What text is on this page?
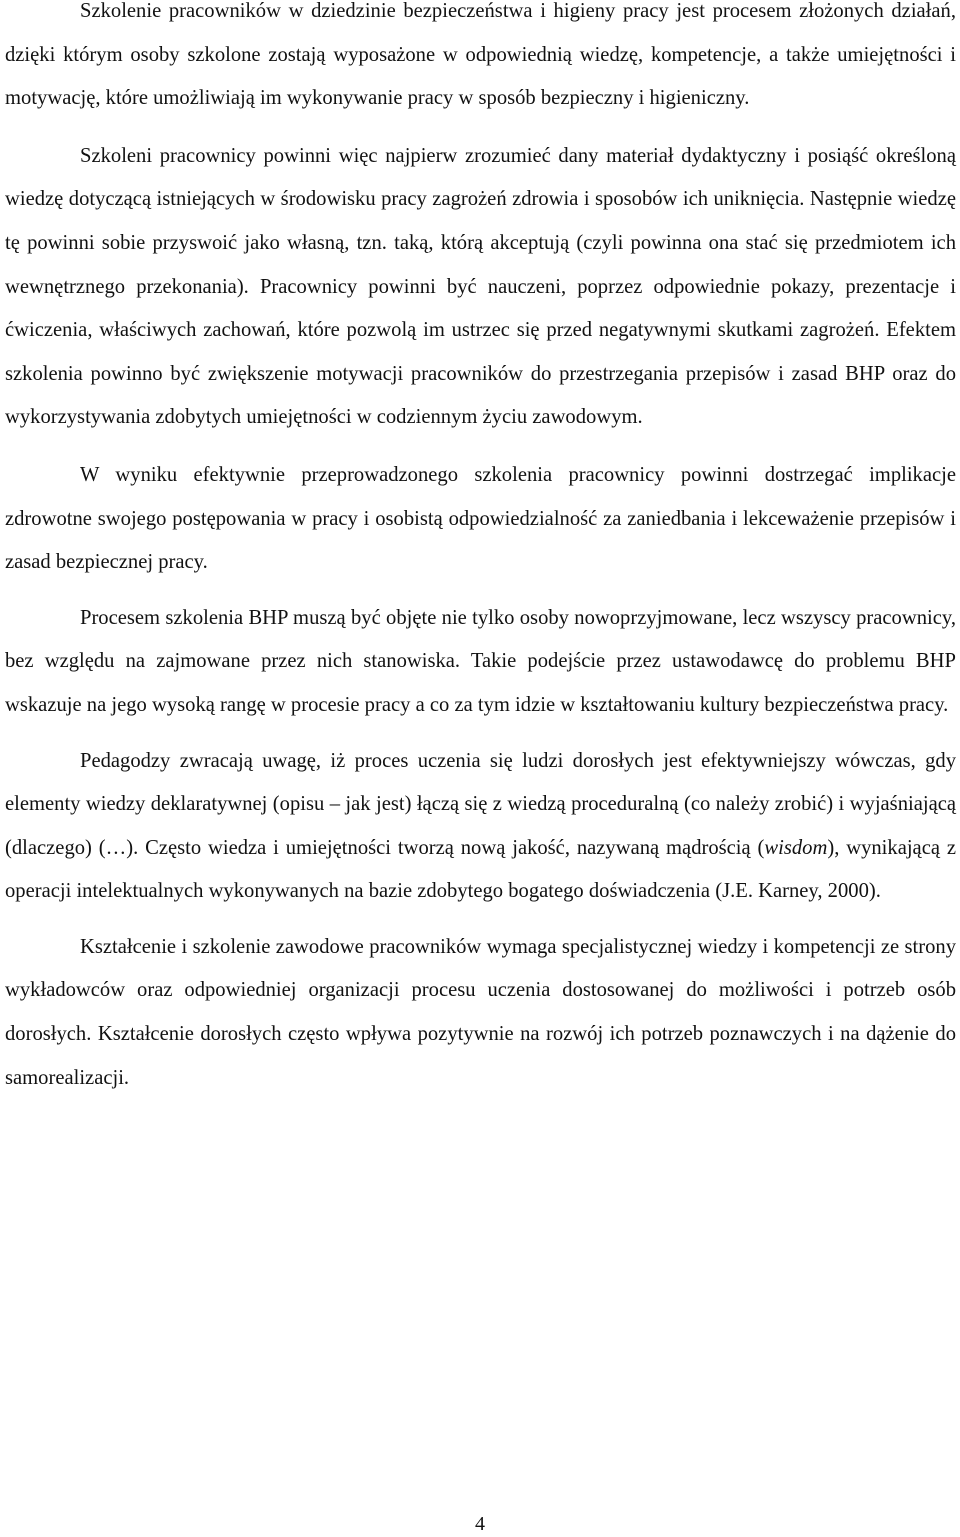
Szkolenie pracowników w dziedzinie bezpieczeństwa i higieny pracy jest procesem złożonych działań, dzięki którym osoby szkolone zostają wyposażone w odpowiednią wiedzę, kompetencje, a także umiejętności i motywację, które umożliwiają im wykonywanie pracy w sposób bezpieczny i higieniczny.

Szkoleni pracownicy powinni więc najpierw zrozumieć dany materiał dydaktyczny i posiąść określoną wiedzę dotyczącą istniejących w środowisku pracy zagrożeń zdrowia i sposobów ich uniknięcia. Następnie wiedzę tę powinni sobie przyswoić jako własną, tzn. taką, którą akceptują (czyli powinna ona stać się przedmiotem ich wewnętrznego przekonania). Pracownicy powinni być nauczeni, poprzez odpowiednie pokazy, prezentacje i ćwiczenia, właściwych zachowań, które pozwolą im ustrzec się przed negatywnymi skutkami zagrożeń. Efektem szkolenia powinno być zwiększenie motywacji pracowników do przestrzegania przepisów i zasad BHP oraz do wykorzystywania zdobytych umiejętności w codziennym życiu zawodowym.

W wyniku efektywnie przeprowadzonego szkolenia pracownicy powinni dostrzegać implikacje zdrowotne swojego postępowania w pracy i osobistą odpowiedzialność za zaniedbania i lekceważenie przepisów i zasad bezpiecznej pracy.

Procesem szkolenia BHP muszą być objęte nie tylko osoby nowoprzyjmowane, lecz wszyscy pracownicy, bez względu na zajmowane przez nich stanowiska. Takie podejście przez ustawodawcę do problemu BHP wskazuje na jego wysoką rangę w procesie pracy a co za tym idzie w kształtowaniu kultury bezpieczeństwa pracy.

Pedagodzy zwracają uwagę, iż proces uczenia się ludzi dorosłych jest efektywniejszy wówczas, gdy elementy wiedzy deklaratywnej (opisu – jak jest) łączą się z wiedzą proceduralną (co należy zrobić) i wyjaśniającą (dlaczego) (…). Często wiedza i umiejętności tworzą nową jakość, nazywaną mądrością (wisdom), wynikającą z operacji intelektualnych wykonywanych na bazie zdobytego bogatego doświadczenia (J.E. Karney, 2000).

Kształcenie i szkolenie zawodowe pracowników wymaga specjalistycznej wiedzy i kompetencji ze strony wykładowców oraz odpowiedniej organizacji procesu uczenia dostosowanej do możliwości i potrzeb osób dorosłych. Kształcenie dorosłych często wpływa pozytywnie na rozwój ich potrzeb poznawczych i na dążenie do samorealizacji.

4
